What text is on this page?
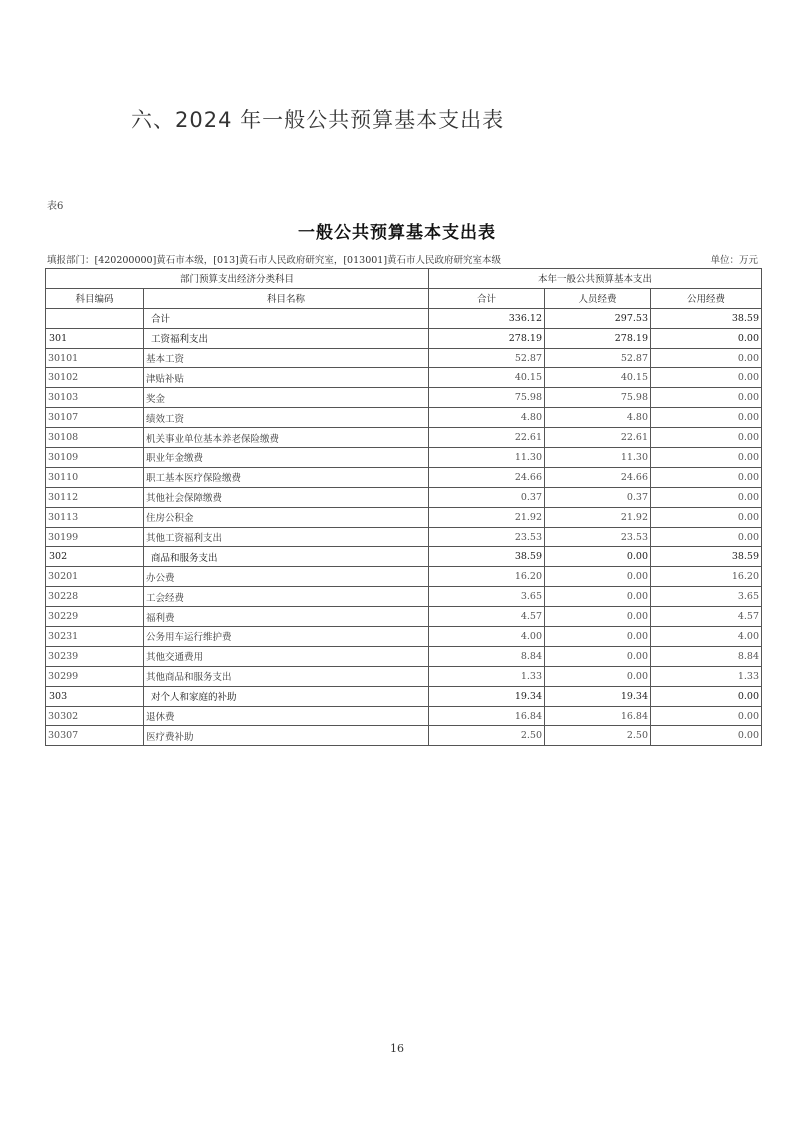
六、2024 年一般公共预算基本支出表
表6
一般公共预算基本支出表
填报部门：[420200000]黄石市本级，[013]黄石市人民政府研究室，[013001]黄石市人民政府研究室本级	单位：万元
部门预算支出经济分类科目		本年一般公共预算基本支出		
科目编码	科目名称	合计	人员经费	公用经费
	合计	336.12	297.53	38.59
301	工资福利支出	278.19	278.19	0.00
30101	基本工资	52.87	52.87	0.00
30102	津贴补贴	40.15	40.15	0.00
30103	奖金	75.98	75.98	0.00
30107	绩效工资	4.80	4.80	0.00
30108	机关事业单位基本养老保险缴费	22.61	22.61	0.00
30109	职业年金缴费	11.30	11.30	0.00
30110	职工基本医疗保险缴费	24.66	24.66	0.00
30112	其他社会保障缴费	0.37	0.37	0.00
30113	住房公积金	21.92	21.92	0.00
30199	其他工资福利支出	23.53	23.53	0.00
302	商品和服务支出	38.59	0.00	38.59
30201	办公费	16.20	0.00	16.20
30228	工会经费	3.65	0.00	3.65
30229	福利费	4.57	0.00	4.57
30231	公务用车运行维护费	4.00	0.00	4.00
30239	其他交通费用	8.84	0.00	8.84
30299	其他商品和服务支出	1.33	0.00	1.33
303	对个人和家庭的补助	19.34	19.34	0.00
30302	退休费	16.84	16.84	0.00
30307	医疗费补助	2.50	2.50	0.00
16
